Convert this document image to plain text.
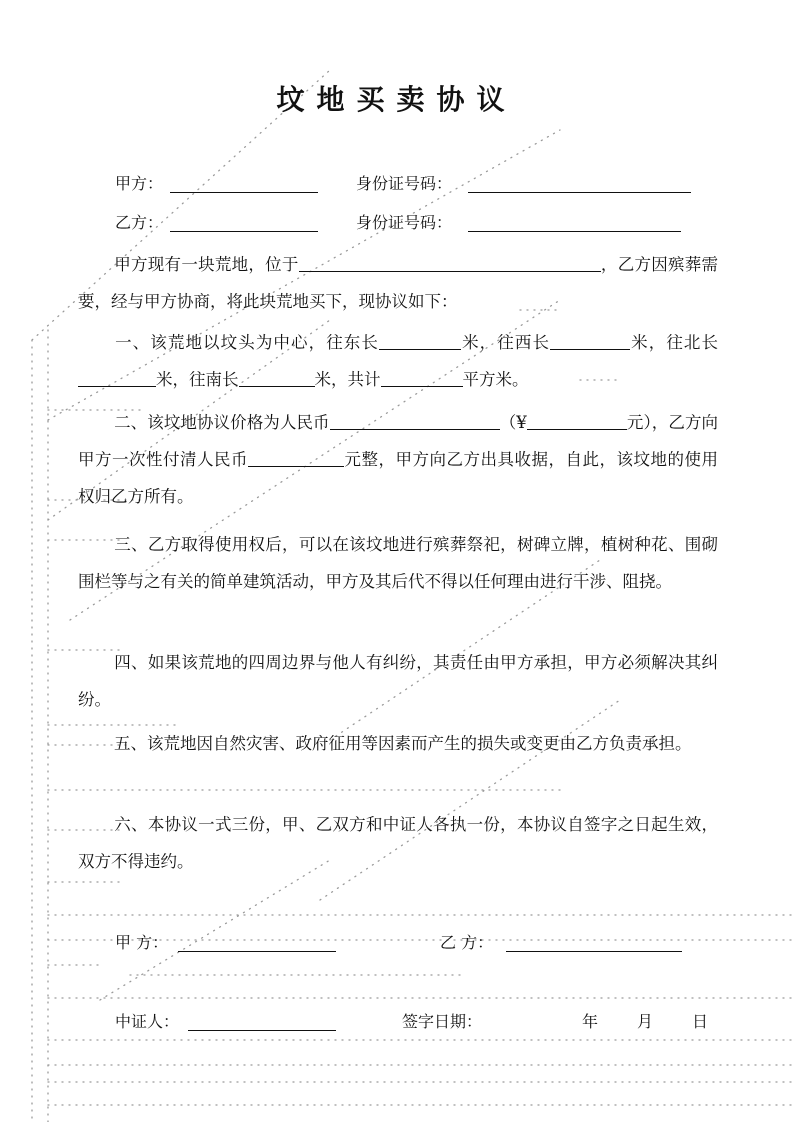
坟地买卖协议
甲方：	身份证号码：
乙方：	身份证号码：
甲方现有一块荒地，位于	，乙方因殡葬需要，经与甲方协商，将此块荒地买下，现协议如下：
一、该荒地以坟头为中心，往东长	米，往西长	米，往北长米，往南长	米，共计	平方米。
二、该坟地协议价格为人民币	（¥	元），乙方向甲方一次性付清人民币	元整，甲方向乙方出具收据，自此，该坟地的使用权归乙方所有。
三、乙方取得使用权后，可以在该坟地进行殡葬祭祀，树碑立牌，植树种花、围砌围栏等与之有关的简单建筑活动，甲方及其后代不得以任何理由进行干涉、阻挠。
四、如果该荒地的四周边界与他人有纠纷，其责任由甲方承担，甲方必须解决其纠纷。
五、该荒地因自然灾害、政府征用等因素而产生的损失或变更由乙方负责承担。
六、本协议一式三份，甲、乙双方和中证人各执一份，本协议自签字之日起生效，双方不得违约。
甲 方：	乙 方：
中证人：	签字日期：	年 月 日
